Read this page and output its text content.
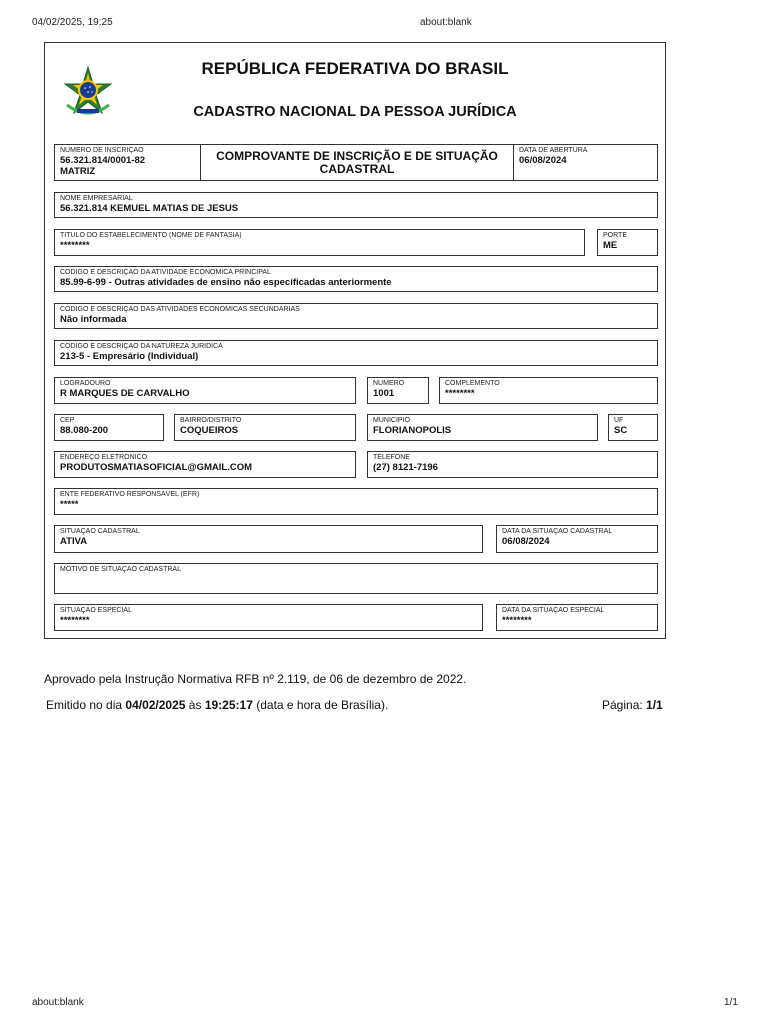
04/02/2025, 19:25	about:blank
REPÚBLICA FEDERATIVA DO BRASIL
CADASTRO NACIONAL DA PESSOA JURÍDICA
NÚMERO DE INSCRIÇÃO
56.321.814/0001-82
MATRIZ
COMPROVANTE DE INSCRIÇÃO E DE SITUAÇÃO
CADASTRAL
DATA DE ABERTURA
06/08/2024
NOME EMPRESARIAL
56.321.814 KEMUEL MATIAS DE JESUS
TÍTULO DO ESTABELECIMENTO (NOME DE FANTASIA)
********
PORTE
ME
CÓDIGO E DESCRIÇÃO DA ATIVIDADE ECONÔMICA PRINCIPAL
85.99-6-99 - Outras atividades de ensino não especificadas anteriormente
CÓDIGO E DESCRIÇÃO DAS ATIVIDADES ECONÔMICAS SECUNDÁRIAS
Não informada
CÓDIGO E DESCRIÇÃO DA NATUREZA JURÍDICA
213-5 - Empresário (Individual)
LOGRADOURO
R MARQUES DE CARVALHO
NÚMERO
1001
COMPLEMENTO
********
CEP
88.080-200
BAIRRO/DISTRITO
COQUEIROS
MUNICÍPIO
FLORIANOPOLIS
UF
SC
ENDEREÇO ELETRÔNICO
PRODUTOSMATIASOFICIAL@GMAIL.COM
TELEFONE
(27) 8121-7196
ENTE FEDERATIVO RESPONSÁVEL (EFR)
*****
SITUAÇÃO CADASTRAL
ATIVA
DATA DA SITUAÇÃO CADASTRAL
06/08/2024
MOTIVO DE SITUAÇÃO CADASTRAL
SITUAÇÃO ESPECIAL
********
DATA DA SITUAÇÃO ESPECIAL
********
Aprovado pela Instrução Normativa RFB nº 2.119, de 06 de dezembro de 2022.
Emitido no dia 04/02/2025 às 19:25:17 (data e hora de Brasília).	Página: 1/1
about:blank	1/1
